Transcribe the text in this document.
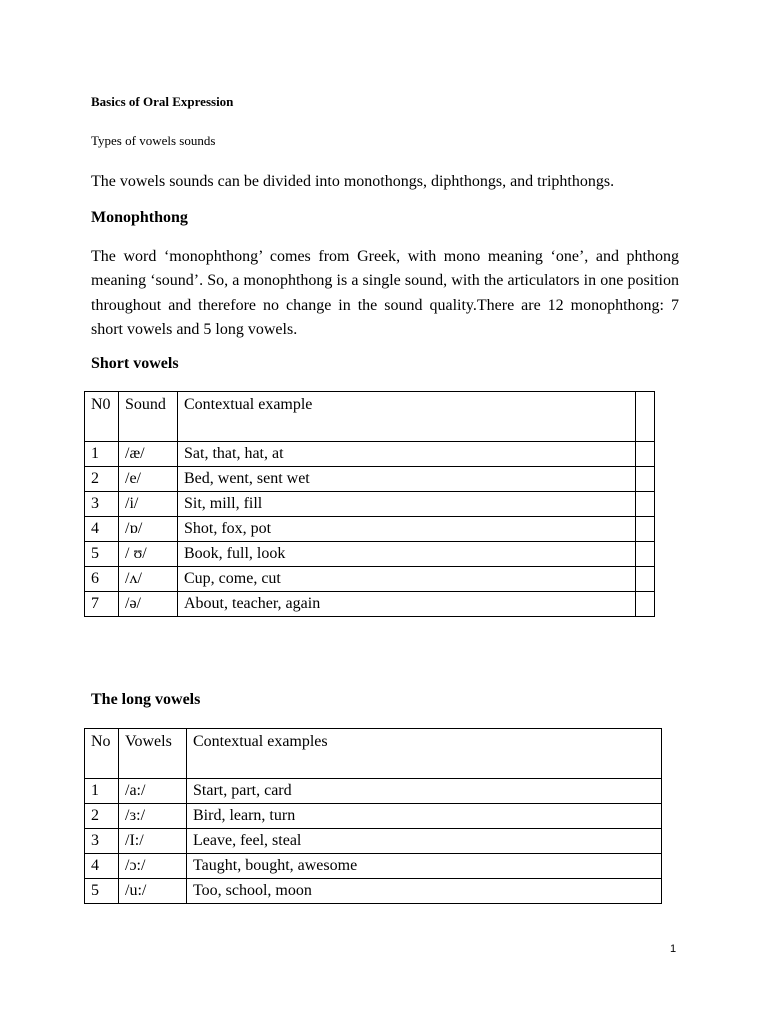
Basics of Oral Expression
Types of vowels sounds
The vowels sounds can be divided into monothongs, diphthongs, and triphthongs.
Monophthong
The word ‘monophthong’ comes from Greek, with mono meaning ‘one’, and phthong meaning ‘sound’. So, a monophthong is a single sound, with the articulators in one position throughout and therefore no change in the sound quality.There are 12 monophthong: 7 short vowels and 5 long vowels.
Short vowels
N0	Sound	Contextual example	
1	/æ/	Sat, that, hat, at	
2	/e/	Bed, went, sent wet	
3	/i/	Sit, mill, fill	
4	/ɒ/	Shot, fox, pot	
5	/ ʊ/	Book, full, look	
6	/ʌ/	Cup, come, cut	
7	/ə/	About, teacher, again	
The long vowels
No	Vowels	Contextual examples
1	/a:/	Start, part, card
2	/ɜ:/	Bird, learn, turn
3	/I:/	Leave, feel, steal
4	/ɔ:/	Taught, bought, awesome
5	/u:/	Too, school, moon
1
